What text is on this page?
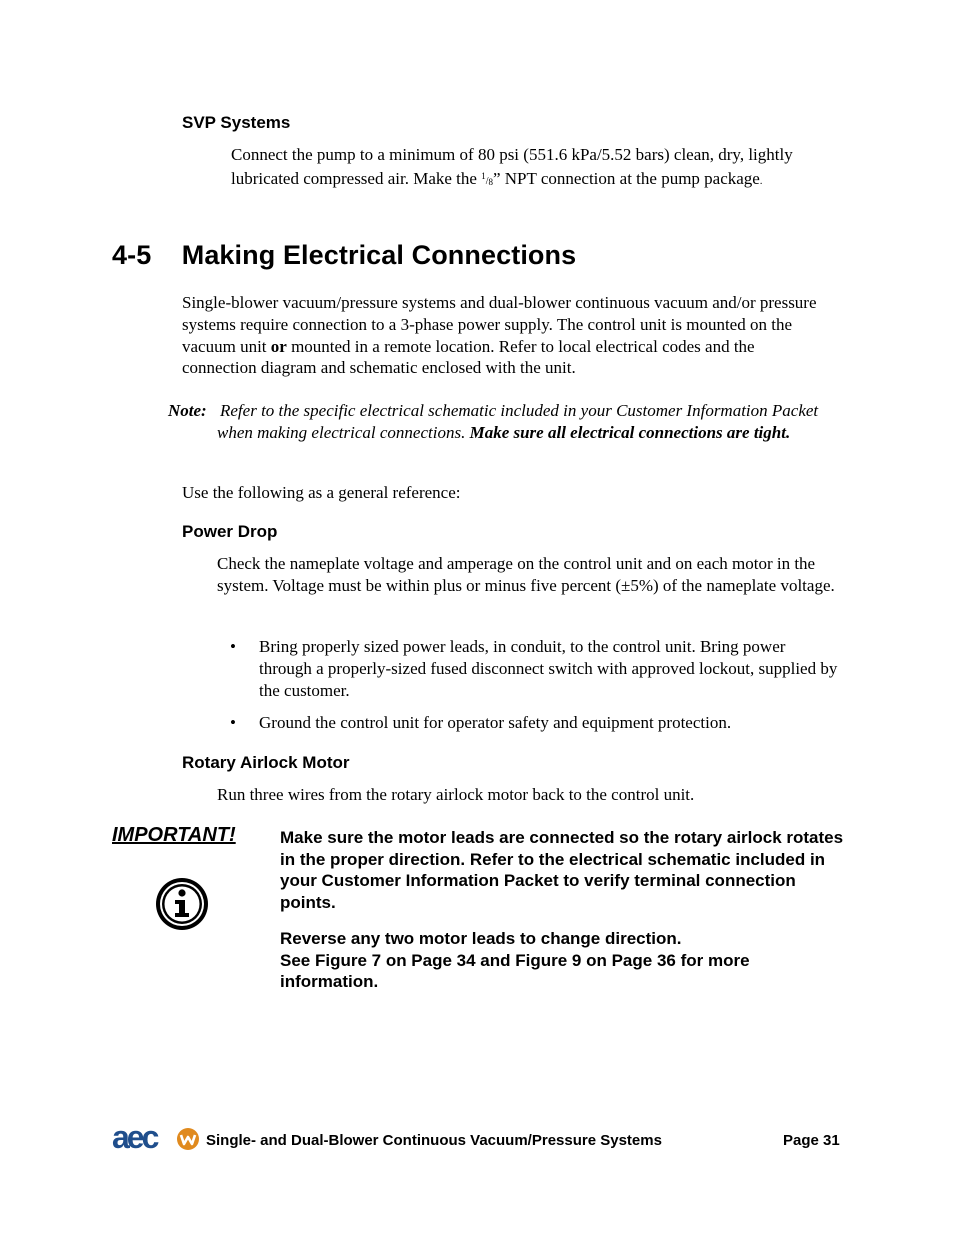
SVP Systems
Connect the pump to a minimum of 80 psi (551.6 kPa/5.52 bars) clean, dry, lightly lubricated compressed air. Make the $^1/_8$” NPT connection at the pump package.
4-5    Making Electrical Connections
Single-blower vacuum/pressure systems and dual-blower continuous vacuum and/or pressure systems require connection to a 3-phase power supply. The control unit is mounted on the vacuum unit or mounted in a remote location. Refer to local electrical codes and the connection diagram and schematic enclosed with the unit.
Note: Refer to the specific electrical schematic included in your Customer Information Packet when making electrical connections. Make sure all electrical connections are tight.
Use the following as a general reference:
Power Drop
Check the nameplate voltage and amperage on the control unit and on each motor in the system. Voltage must be within plus or minus five percent (±5%) of the nameplate voltage.
• Bring properly sized power leads, in conduit, to the control unit. Bring power through a properly-sized fused disconnect switch with approved lockout, supplied by the customer.
• Ground the control unit for operator safety and equipment protection.
Rotary Airlock Motor
Run three wires from the rotary airlock motor back to the control unit.
IMPORTANT!	Make sure the motor leads are connected so the rotary airlock rotates in the proper direction. Refer to the electrical schematic included in your Customer Information Packet to verify terminal connection points.
Reverse any two motor leads to change direction.
See Figure 7 on Page 34 and Figure 9 on Page 36 for more information.
aec	Single- and Dual-Blower Continuous Vacuum/Pressure Systems	Page 31
